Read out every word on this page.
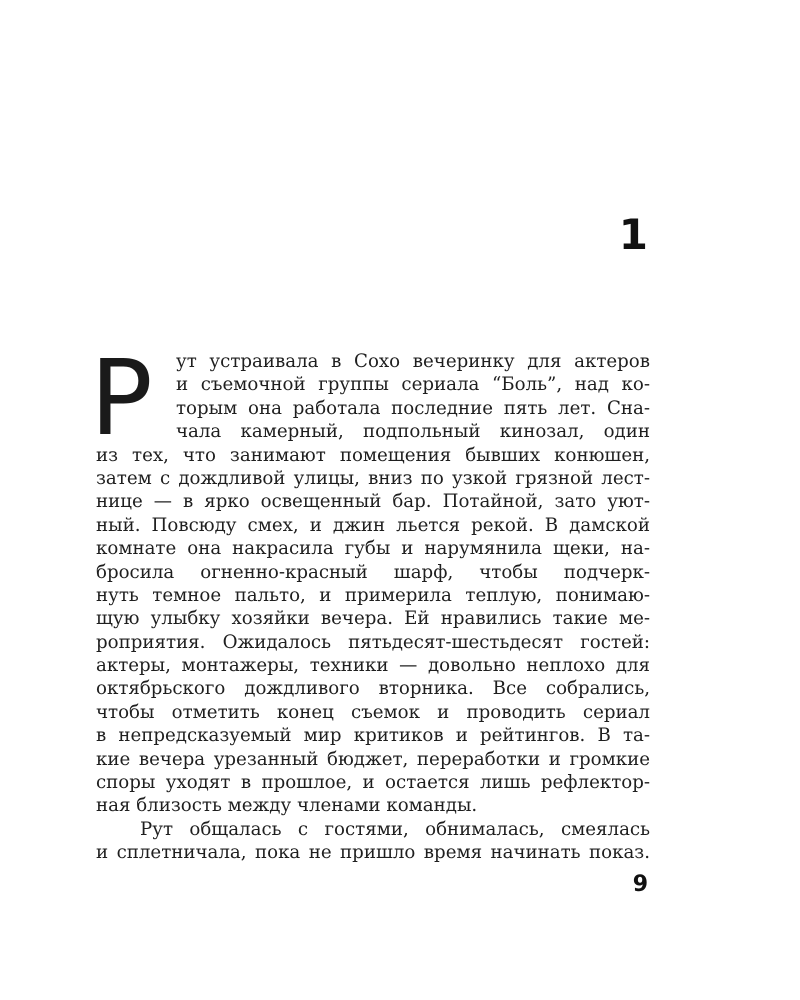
1
Р ут устраивала в Сохо вечеринку для актеров
и съемочной группы сериала “Боль”, над ко-
торым она работала последние пять лет. Сна-
чала камерный, подпольный кинозал, один
из тех, что занимают помещения бывших конюшен,
затем с дождливой улицы, вниз по узкой грязной лест-
нице — в ярко освещенный бар. Потайной, зато уют-
ный. Повсюду смех, и джин льется рекой. В дамской
комнате она накрасила губы и нарумянила щеки, на-
бросила огненно-красный шарф, чтобы подчерк-
нуть темное пальто, и примерила теплую, понимаю-
щую улыбку хозяйки вечера. Ей нравились такие ме-
роприятия. Ожидалось пятьдесят-шестьдесят гостей:
актеры, монтажеры, техники — довольно неплохо для
октябрьского дождливого вторника. Все собрались,
чтобы отметить конец съемок и проводить сериал
в непредсказуемый мир критиков и рейтингов. В та-
кие вечера урезанный бюджет, переработки и громкие
споры уходят в прошлое, и остается лишь рефлектор-
ная близость между членами команды.
Рут общалась с гостями, обнималась, смеялась
и сплетничала, пока не пришло время начинать показ.
9
